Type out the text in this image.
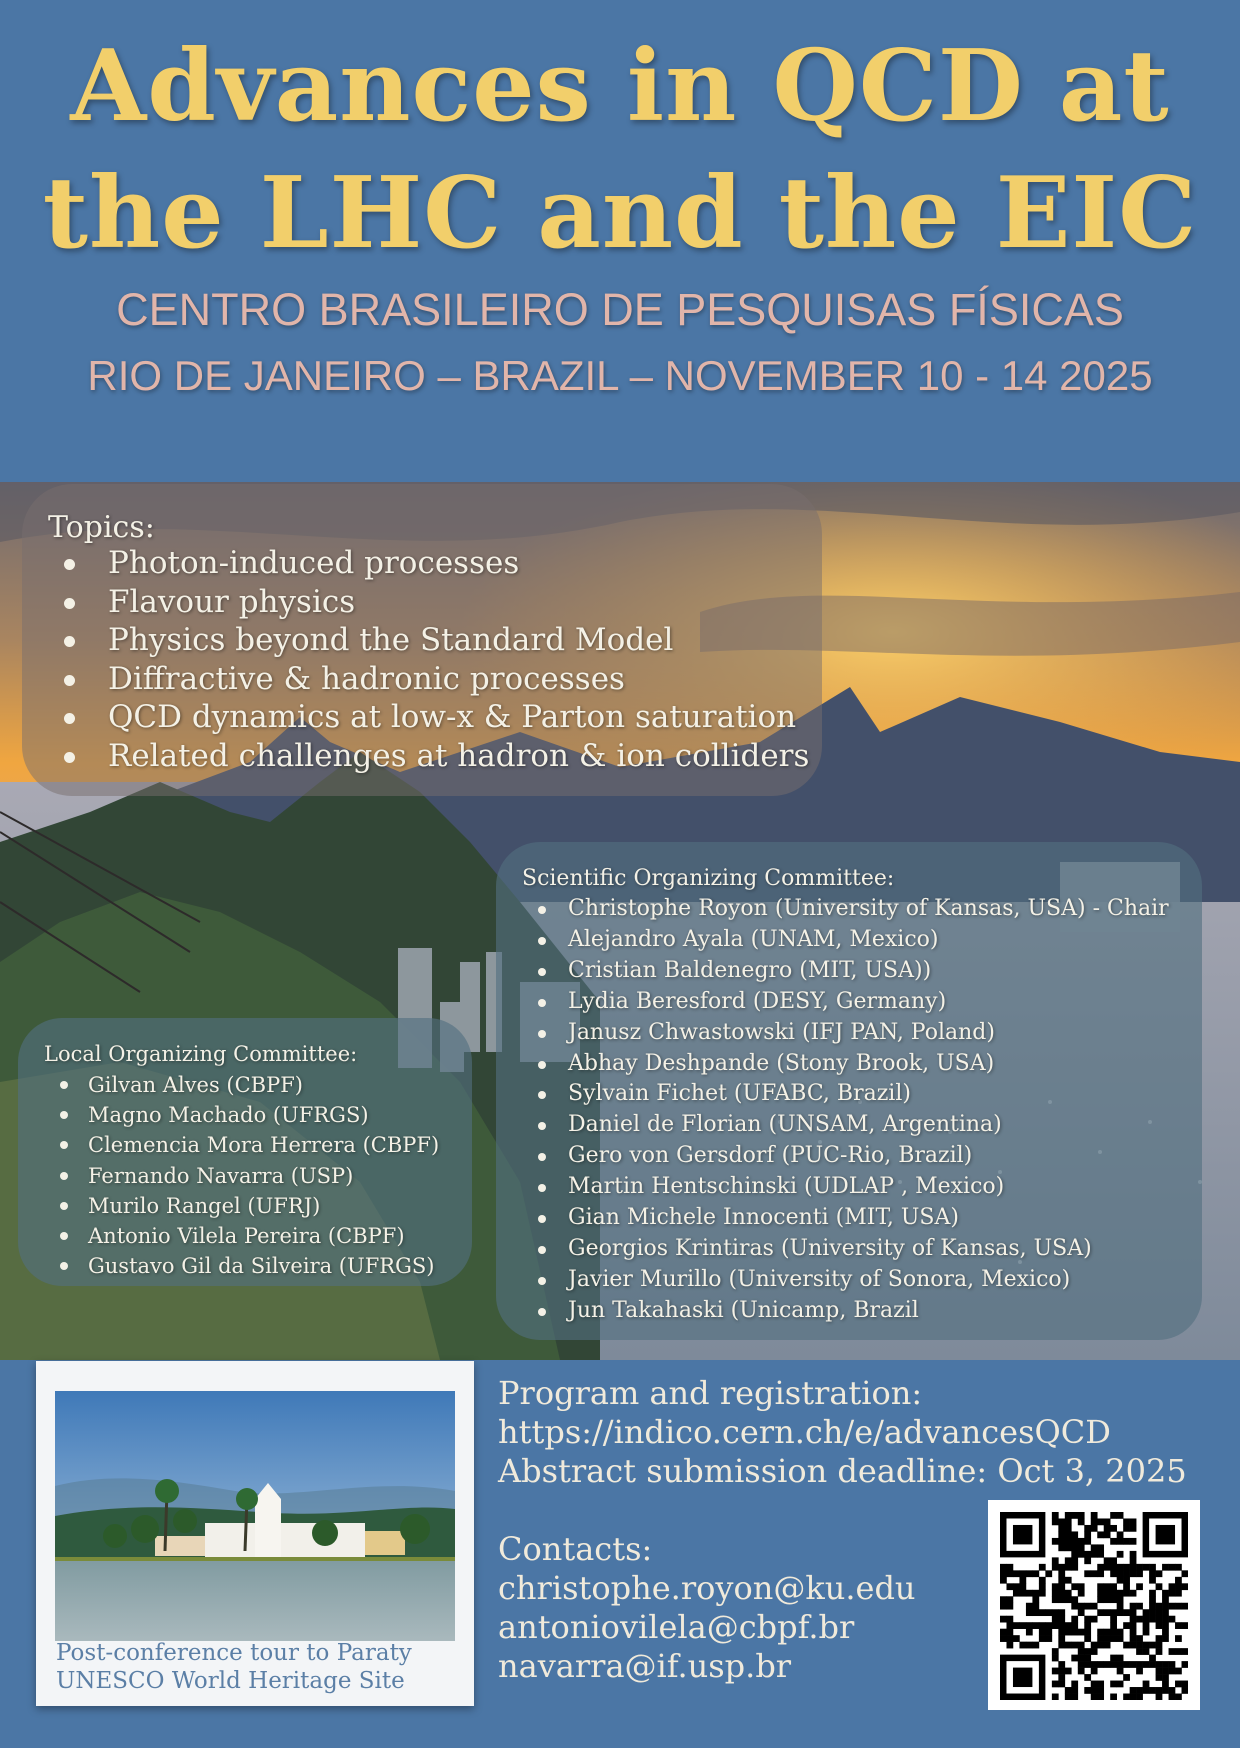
Advances in QCD at
the LHC and the EIC
CENTRO BRASILEIRO DE PESQUISAS FÍSICAS
RIO DE JANEIRO – BRAZIL – NOVEMBER 10 - 14 2025
Topics:
Photon-induced processes
Flavour physics
Physics beyond the Standard Model
Diffractive & hadronic processes
QCD dynamics at low-x & Parton saturation
Related challenges at hadron & ion colliders
Scientific Organizing Committee:
Christophe Royon (University of Kansas, USA) - Chair
Alejandro Ayala (UNAM, Mexico)
Cristian Baldenegro (MIT, USA))
Lydia Beresford (DESY, Germany)
Janusz Chwastowski (IFJ PAN, Poland)
Abhay Deshpande (Stony Brook, USA)
Sylvain Fichet (UFABC, Brazil)
Daniel de Florian (UNSAM, Argentina)
Gero von Gersdorf (PUC-Rio, Brazil)
Martin Hentschinski (UDLAP , Mexico)
Gian Michele Innocenti (MIT, USA)
Georgios Krintiras (University of Kansas, USA)
Javier Murillo (University of Sonora, Mexico)
Jun Takahaski (Unicamp, Brazil
Local Organizing Committee:
Gilvan Alves (CBPF)
Magno Machado (UFRGS)
Clemencia Mora Herrera (CBPF)
Fernando Navarra (USP)
Murilo Rangel (UFRJ)
Antonio Vilela Pereira (CBPF)
Gustavo Gil da Silveira (UFRGS)
Post-conference tour to Paraty
UNESCO World Heritage Site
Program and registration:
https://indico.cern.ch/e/advancesQCD
Abstract submission deadline: Oct 3, 2025
Contacts:
christophe.royon@ku.edu
antoniovilela@cbpf.br
navarra@if.usp.br
